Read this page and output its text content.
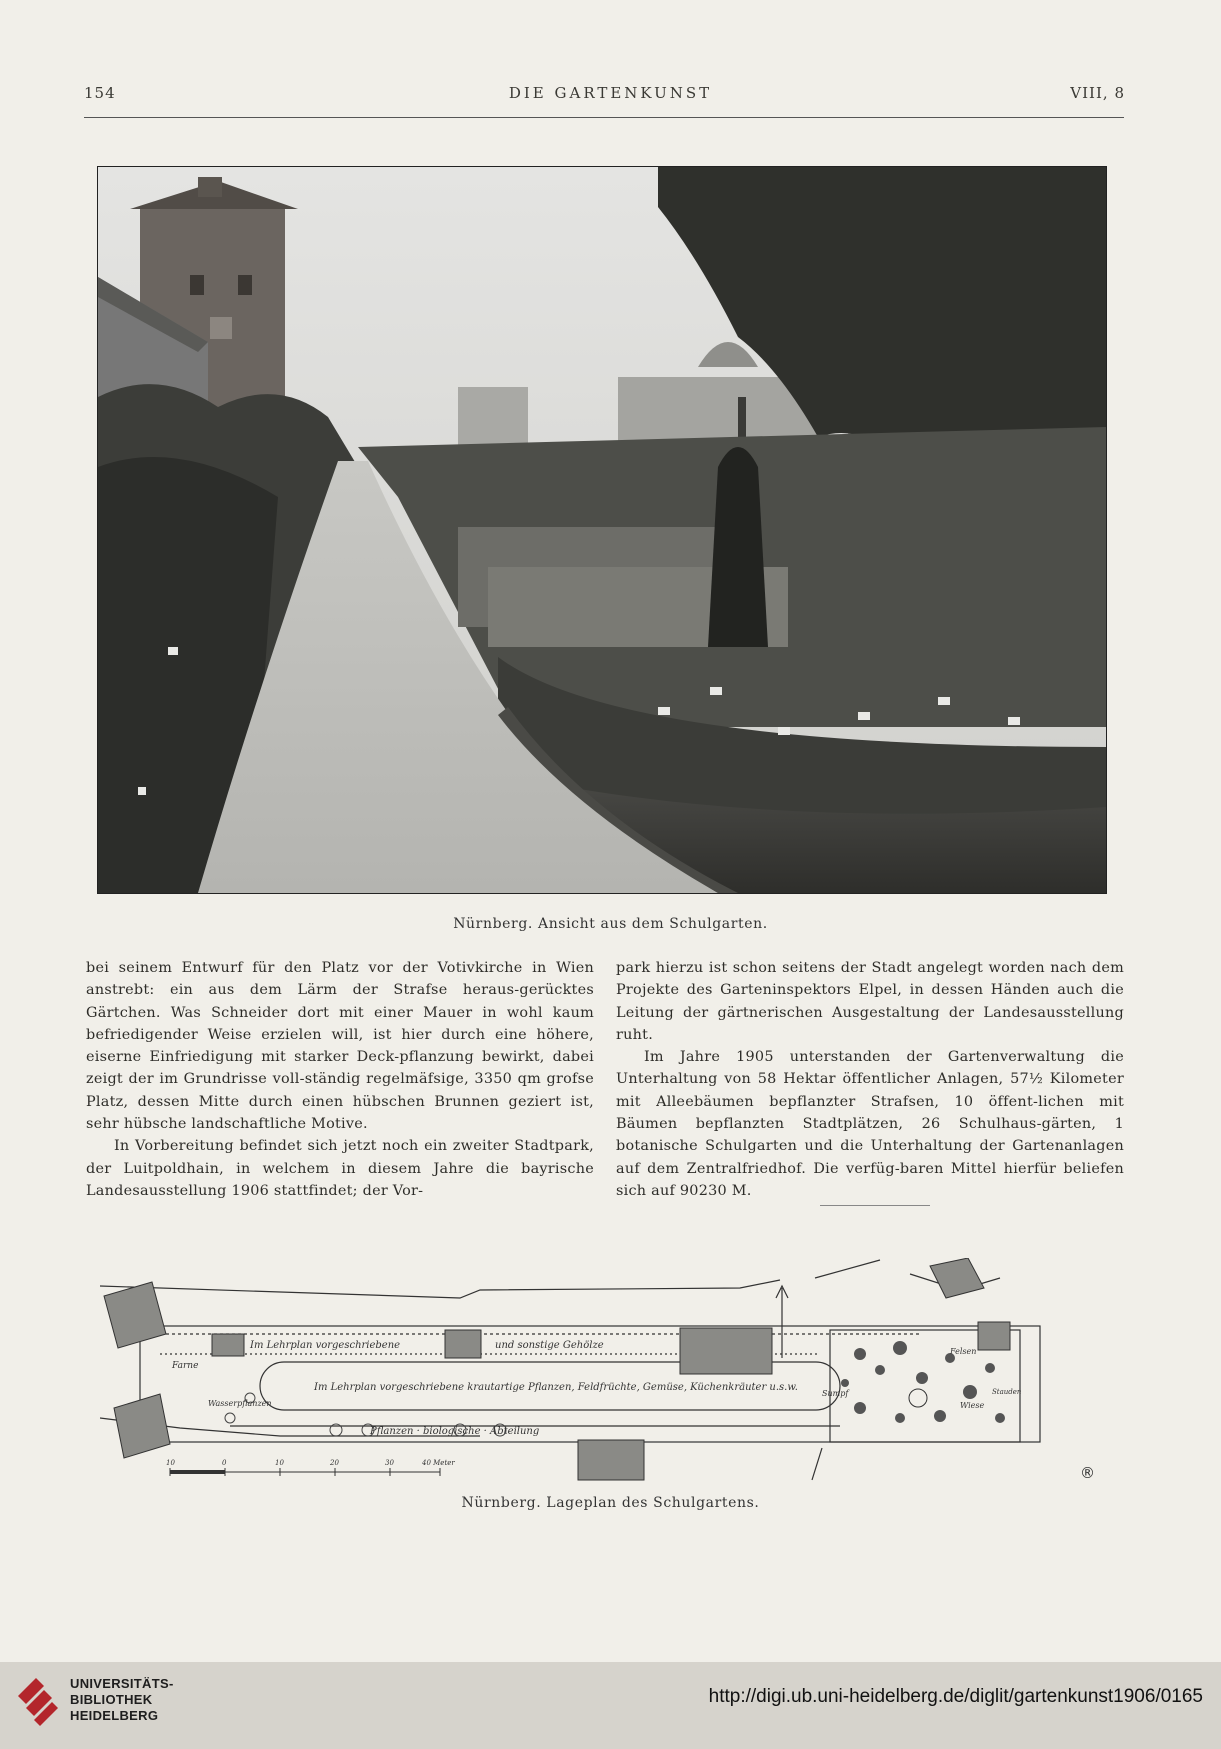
154	DIE GARTENKUNST	VIII, 8
Nürnberg. Ansicht aus dem Schulgarten.

bei seinem Entwurf für den Platz vor der Votivkirche in Wien anstrebt: ein aus dem Lärm der Strafse heraus-gerücktes Gärtchen. Was Schneider dort mit einer Mauer in wohl kaum befriedigender Weise erzielen will, ist hier durch eine höhere, eiserne Einfriedigung mit starker Deck-pflanzung bewirkt, dabei zeigt der im Grundrisse voll-ständig regelmäfsige, 3350 qm grofse Platz, dessen Mitte durch einen hübschen Brunnen geziert ist, sehr hübsche landschaftliche Motive.

In Vorbereitung befindet sich jetzt noch ein zweiter Stadtpark, der Luitpoldhain, in welchem in diesem Jahre die bayrische Landesausstellung 1906 stattfindet; der Vor-

park hierzu ist schon seitens der Stadt angelegt worden nach dem Projekte des Garteninspektors Elpel, in dessen Händen auch die Leitung der gärtnerischen Ausgestaltung der Landesausstellung ruht.

Im Jahre 1905 unterstanden der Gartenverwaltung die Unterhaltung von 58 Hektar öffentlicher Anlagen, 57½ Kilometer mit Alleebäumen bepflanzter Strafsen, 10 öffent-lichen mit Bäumen bepflanzten Stadtplätzen, 26 Schulhaus-gärten, 1 botanische Schulgarten und die Unterhaltung der Gartenanlagen auf dem Zentralfriedhof. Die verfüg-baren Mittel hierfür beliefen sich auf 90230 M.

Im Lehrplan vorgeschriebene	und sonstige Gehölze
Im Lehrplan vorgeschriebene krautartige Pflanzen, Feldfrüchte, Gemüse, Küchenkräuter u.s.w.
Pflanzen · biologische · Abteilung
Farne
Wasserpflanzen
Sumpf
Felsen
Wiese
Stauden
10	0	10	20	30	40 Meter
®
Nürnberg. Lageplan des Schulgartens.
UNIVERSITÄTS-
BIBLIOTHEK
HEIDELBERG
http://digi.ub.uni-heidelberg.de/diglit/gartenkunst1906/0165
